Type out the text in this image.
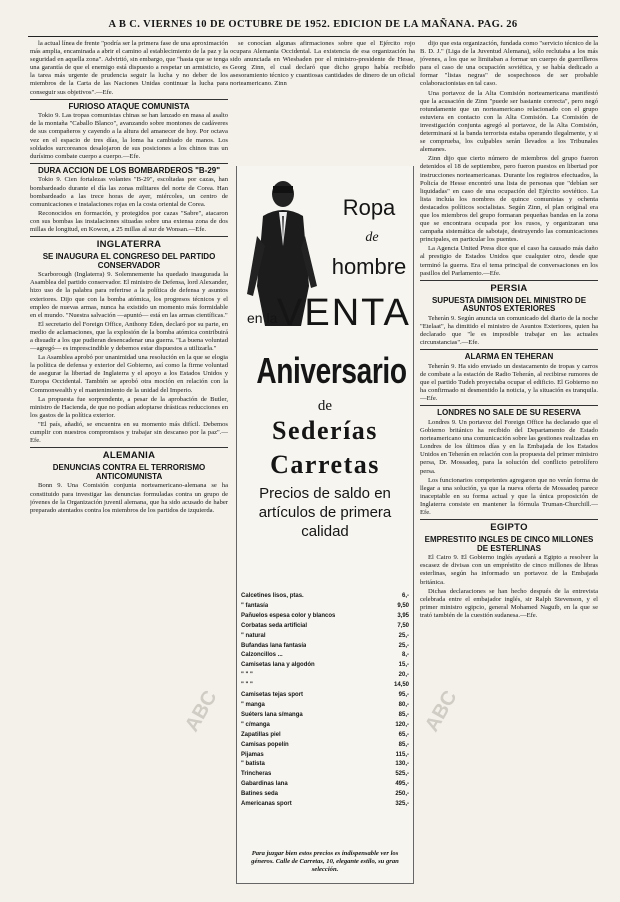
A B C. VIERNES 10 DE OCTUBRE DE 1952. EDICION DE LA MAÑANA. PAG. 26

la actual línea de frente "podría ser la primera fase de una aproximación más amplia, encaminada a abrir el camino al establecimiento de la paz y la seguridad en aquella zona". Advirtió, sin embargo, que "hasta que se tenga una garantía de que el enemigo está dispuesto a respetar un armisticio, es la tarea más urgente de prudencia seguir la lucha y no deber de los miembros de la Carta de las Naciones Unidas continuar la lucha para conseguir sus objetivos".—Efe.

FURIOSO ATAQUE COMUNISTA

Tokio 9. Las tropas comunistas chinas se han lanzado en masa al asalto de la montaña "Caballo Blanco", avanzando sobre montones de cadáveres de sus compañeros y cayendo a la altura del amanecer de hoy. Por octava vez en el espacio de tres días, la loma ha cambiado de manos. Los soldados surcoreanos desalojaron de sus posiciones a los chinos tras un durísimo combate cuerpo a cuerpo.—Efe.

DURA ACCION DE LOS BOMBARDEROS "B-29"

Tokio 9. Cien fortalezas volantes "B-29", escoltadas por cazas, han bombardeado durante el día las zonas militares del norte de Corea. Han bombardeado a las trece horas de ayer, miércoles, un centro de comunicaciones e instalaciones rojas en la costa oriental de Corea.

Reconocidos en formación, y protegidos por cazas "Sabre", atacaron con sus bombas las instalaciones situadas sobre una extensa zona de dos millas de longitud, en Kowon, a 25 millas al sur de Wonsan.—Efe.

INGLATERRA
SE INAUGURA EL CONGRESO DEL PARTIDO CONSERVADOR

Scarborough (Inglaterra) 9. Solemnemente ha quedado inaugurada la Asamblea del partido conservador. El ministro de Defensa, lord Alexander, hizo uso de la palabra para referirse a la política de defensa y asuntos exteriores. Dijo que con la bomba atómica, los progresos técnicos y el empleo de nuevas armas, nunca ha existido un momento más formidable en el mundo. "Nuestra salvación —apuntó— está en las armas científicas."

El secretario del Foreign Office, Anthony Eden, declaró por su parte, en medio de aclamaciones, que la explosión de la bomba atómica contribuirá a disuadir a los que pudieran desencadenar una guerra. "La buena voluntad —agregó— es imprescindible y debemos estar dispuestos a utilizarla."

La Asamblea aprobó por unanimidad una resolución en la que se elogia la política de defensa y exterior del Gobierno, así como la firme voluntad de asegurar la libertad de Inglaterra y el apoyo a los Estados Unidos y Europa Occidental. También se aprobó otra moción en relación con la Commonwealth y el mantenimiento de la unidad del Imperio.

La propuesta fue sorprendente, a pesar de la aprobación de Butler, ministro de Hacienda, de que no podían adoptarse drásticas reducciones en los gastos de la política exterior.

"El país, añadió, se encuentra en su momento más difícil. Debemos cumplir con nuestros compromisos y trabajar sin descanso por la paz".—Efe.

ALEMANIA
DENUNCIAS CONTRA EL TERRORISMO ANTICOMUNISTA

Bonn 9. Una Comisión conjunta norteamericano-alemana se ha constituido para investigar las denuncias formuladas contra un grupo de jóvenes de la Organización juvenil alemana, que ha sido acusado de haber preparado atentados contra los miembros de los partidos de izquierda.

se conocían algunas afirmaciones sobre que el Ejército rojo ocupara Alemania Occidental. La existencia de esa organización ha sido anunciada en Wiesbaden por el ministro-presidente de Hesse, Georg Zinn, el cual declaró que dicho grupo había recibido asesoramiento técnico y cuantiosas cantidades de dinero de un oficial norteamericano. Zinn

Ropa
de
hombre
en la VENTA
Aniversario
de
Sederías
Carretas
Precios de saldo en artículos de primera calidad
Calcetines lisos, ptas.	6,-
" fantasía	9,50
Pañuelos espesa color y blancos	3,95
Corbatas seda artificial	7,50
" natural	25,-
Bufandas lana fantasía	25,-
Calzoncillos ...	8,-
Camisetas lana y algodón	15,-
" " "	20,-
" " "	14,50
Camisetas tejas sport	95,-
" manga	80,-
Suéters lana s/manga	85,-
" c/manga	120,-
Zapatillas piel	65,-
Camisas popelín	85,-
Pijamas	115,-
" batista	130,-
Trincheras	525,-
Gabardinas lana	495,-
Batines seda	250,-
Americanas sport	325,-
Para juzgar bien estos precios es indispensable ver los géneros. Calle de Carretas, 10, elegante estilo, su gran selección.

dijo que esta organización, fundada como "servicio técnico de la B. D. J." (Liga de la Juventud Alemana), sólo reclutaba a los más jóvenes, a los que se limitaban a formar un cuerpo de guerrilleros para el caso de una ocupación soviética, y se había dedicado a formar "listas negras" de sospechosos de ser probable colaboracionistas en tal caso.

Una portavoz de la Alta Comisión norteamericana manifestó que la acusación de Zinn "puede ser bastante correcta", pero negó rotundamente que un norteamericano relacionado con el grupo estuviera en contacto con la Alta Comisión. La Comisión de investigación conjunta agregó al portavoz, de la Alta Comisión, determinará si la banda terrorista estaba operando ilegalmente, y si se comprueba, los culpables serán llevados a los Tribunales alemanes.

Zinn dijo que cierto número de miembros del grupo fueron detenidos el 18 de septiembre, pero fueron puestos en libertad por instrucciones norteamericanas. Durante los registros efectuados, la Policía de Hesse encontró una lista de personas que "debían ser liquidadas" en caso de una ocupación del Ejército soviético. La lista incluía los nombres de quince comunistas y ochenta destacados políticos socialistas. Según Zinn, el plan original era que los miembros del grupo formaran pequeñas bandas en la zona que se encontrara ocupada por los rusos, y organizaran una campaña sistemática de sabotaje, destruyendo las comunicaciones principales, en particular los puentes.

La Agencia United Press dice que el caso ha causado más daño al prestigio de Estados Unidos que cualquier otro, desde que terminó la guerra. Era el tema principal de conversaciones en los pasillos del Parlamento.—Efe.

PERSIA
SUPUESTA DIMISION DEL MINISTRO DE ASUNTOS EXTERIORES

Teherán 9. Según anuncia un comunicado del diario de la noche "Etelaat", ha dimitido el ministro de Asuntos Exteriores, quien ha declarado que "le es imposible trabajar en las actuales circunstancias".—Efe.

ALARMA EN TEHERAN

Teherán 9. Ha sido enviado un destacamento de tropas y carros de combate a la estación de Radio Teherán, al recibirse rumores de que el partido Tudeh proyectaba ocupar el edificio. El Gobierno no ha confirmado ni desmentido la noticia, y la situación es tranquila.—Efe.

LONDRES NO SALE DE SU RESERVA

Londres 9. Un portavoz del Foreign Office ha declarado que el Gobierno británico ha recibido del Departamento de Estado norteamericano una comunicación sobre las gestiones realizadas en Londres de los últimos días y en la Embajada de los Estados Unidos en Teherán en relación con la propuesta del primer ministro persa, Dr. Mossadeq, para la solución del conflicto petrolífero persa.

Los funcionarios competentes agregaron que no verán forma de llegar a una solución, ya que la nueva oferta de Mossadeq parece inaceptable en su forma actual y que la única proposición de Inglaterra consiste en mantener la fórmula Truman-Churchill.—Efe.

EGIPTO
EMPRESTITO INGLES DE CINCO MILLONES DE ESTERLINAS

El Cairo 9. El Gobierno inglés ayudará a Egipto a resolver la escasez de divisas con un empréstito de cinco millones de libras esterlinas, según ha informado un portavoz de la Embajada británica.

Dichas declaraciones se han hecho después de la entrevista celebrada entre el embajador inglés, sir Ralph Stevenson, y el primer ministro egipcio, general Mohamed Naguib, en la que se trató también de la cuestión sudanesa.—Efe.

ABC	ABC
